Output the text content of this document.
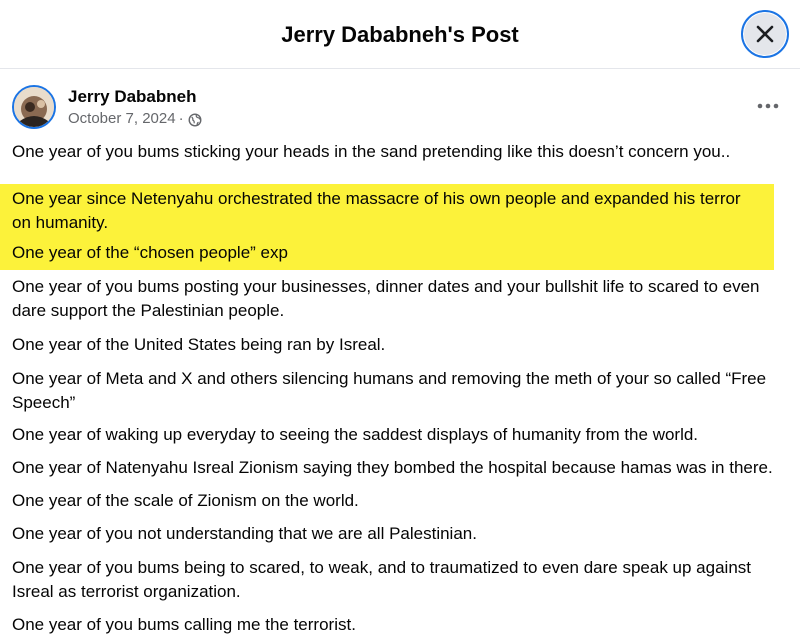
Jerry Dababneh's Post
Jerry Dababneh
October 7, 2024 ·

One year of you bums sticking your heads in the sand pretending like this doesn’t concern you..

One year since Netenyahu orchestrated the massacre of his own people and expanded his terror on humanity.

One year of the “chosen people” exp

One year of you bums posting your businesses, dinner dates and your bullshit life to scared to even dare support the Palestinian people.

One year of the United States being ran by Isreal.

One year of Meta and X and others silencing humans and removing the meth of your so called “Free Speech”

One year of waking up everyday to seeing the saddest displays of humanity from the world.

One year of Natenyahu Isreal Zionism saying they bombed the hospital because hamas was in there.

One year of the scale of Zionism on the world.

One year of you not understanding that we are all Palestinian.

One year of you bums being to scared, to weak, and to traumatized to even dare speak up against Isreal as terrorist organization.

One year of you bums calling me the terrorist.
